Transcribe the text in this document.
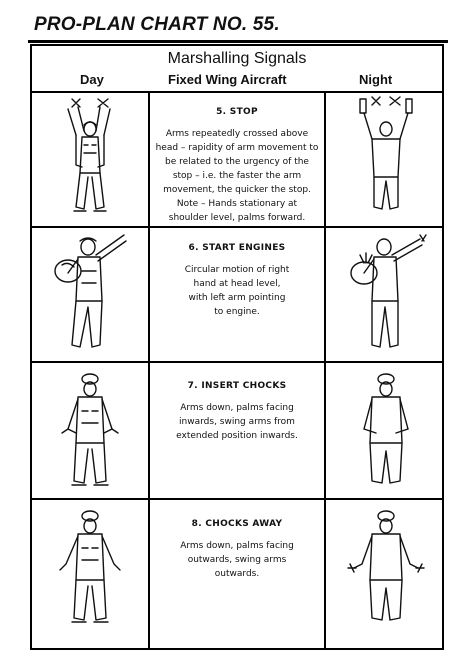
PRO-PLAN CHART NO. 55.
Marshalling Signals
Day	Fixed Wing Aircraft	Night
5. STOP
Arms repeatedly crossed above
head – rapidity of arm movement to
be related to the urgency of the
stop – i.e. the faster the arm
movement, the quicker the stop.
Note – Hands stationary at
shoulder level, palms forward.
6. START ENGINES
Circular motion of right
hand at head level,
with left arm pointing
to engine.
7. INSERT CHOCKS
Arms down, palms facing
inwards, swing arms from
extended position inwards.
8. CHOCKS AWAY
Arms down, palms facing
outwards, swing arms
outwards.
